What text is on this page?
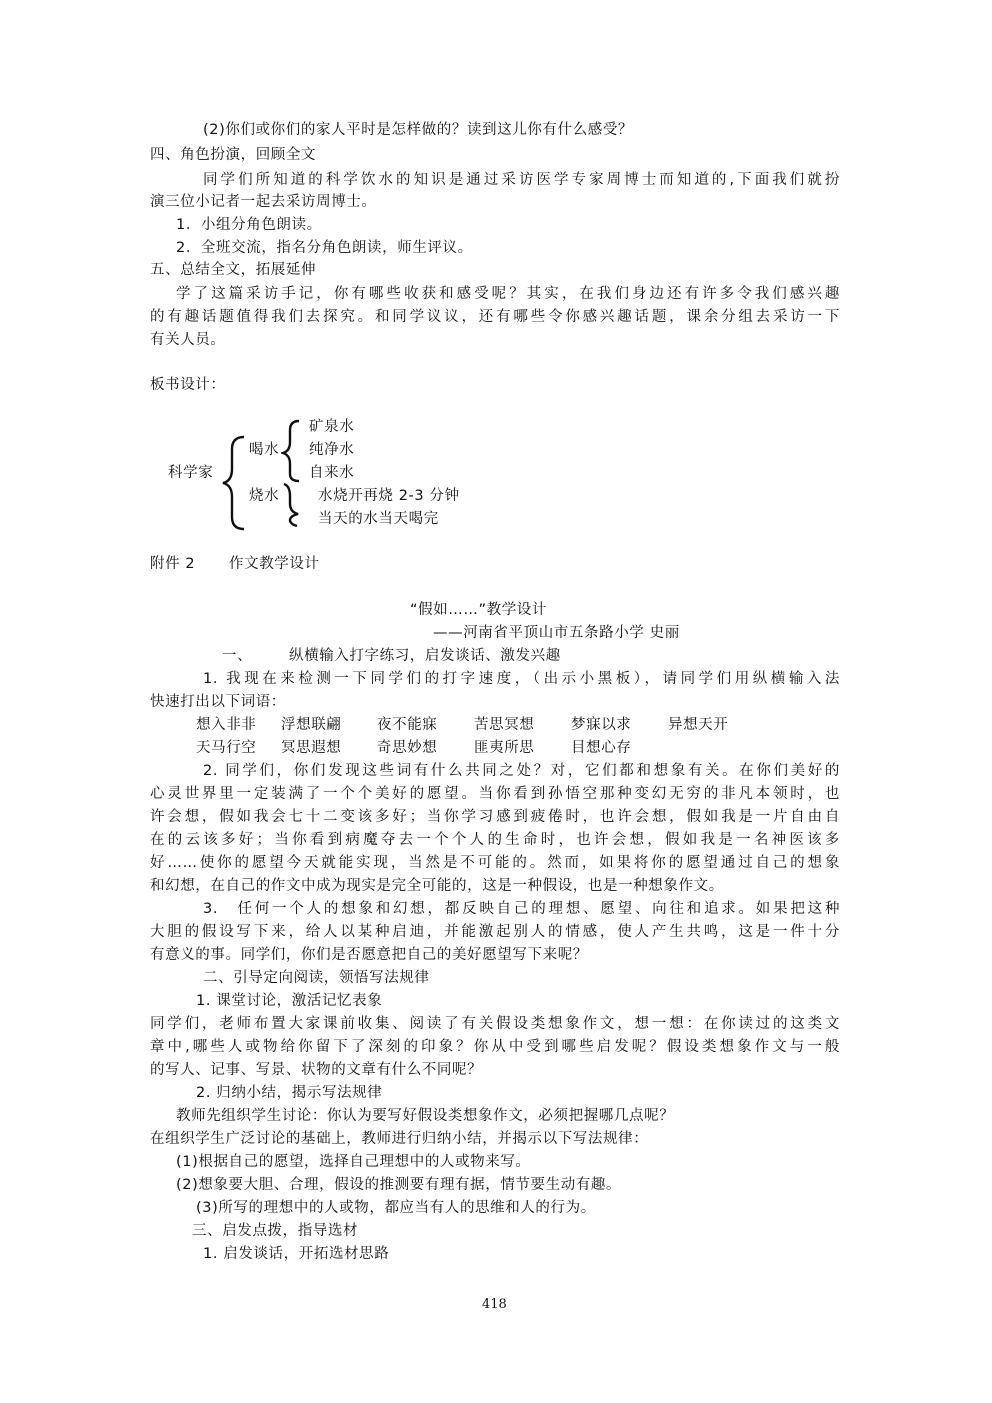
(2)你们或你们的家人平时是怎样做的？读到这儿你有什么感受？
四、角色扮演，回顾全文
同学们所知道的科学饮水的知识是通过采访医学专家周博士而知道的,下面我们就扮
演三位小记者一起去采访周博士。
1．小组分角色朗读。
2．全班交流，指名分角色朗读，师生评议。
五、总结全文，拓展延伸
学了这篇采访手记，你有哪些收获和感受呢？其实，在我们身边还有许多令我们感兴趣
的有趣话题值得我们去探究。和同学议议，还有哪些令你感兴趣话题，课余分组去采访一下
有关人员。
板书设计：
科学家
喝水
烧水
矿泉水
纯净水
自来水
水烧开再烧 2-3 分钟
当天的水当天喝完
附件 2 作文教学设计
“假如……”教学设计
——河南省平顶山市五条路小学 史丽
一、	纵横输入打字练习，启发谈话、激发兴趣
1. 我现在来检测一下同学们的打字速度，（出示小黑板），请同学们用纵横输入法
快速打出以下词语：
想入非非 浮想联翩 夜不能寐	苦思冥想	梦寐以求	异想天开
天马行空 冥思遐想 奇思妙想	匪夷所思	目想心存
2. 同学们，你们发现这些词有什么共同之处？对，它们都和想象有关。在你们美好的
心灵世界里一定装满了一个个美好的愿望。当你看到孙悟空那种变幻无穷的非凡本领时，也
许会想，假如我会七十二变该多好；当你学习感到疲倦时，也许会想，假如我是一片自由自
在的云该多好；当你看到病魔夺去一个个人的生命时，也许会想，假如我是一名神医该多
好……使你的愿望今天就能实现，当然是不可能的。然而，如果将你的愿望通过自己的想象
和幻想，在自己的作文中成为现实是完全可能的，这是一种假设，也是一种想象作文。
3.　任何一个人的想象和幻想，都反映自己的理想、愿望、向往和追求。如果把这种
大胆的假设写下来，给人以某种启迪，并能激起别人的情感，使人产生共鸣，这是一件十分
有意义的事。同学们，你们是否愿意把自己的美好愿望写下来呢？
二、引导定向阅读，领悟写法规律
1. 课堂讨论，激活记忆表象
同学们，老师布置大家课前收集、阅读了有关假设类想象作文，想一想：在你读过的这类文
章中,哪些人或物给你留下了深刻的印象？你从中受到哪些启发呢？假设类想象作文与一般
的写人、记事、写景、状物的文章有什么不同呢？
2. 归纳小结，揭示写法规律
教师先组织学生讨论：你认为要写好假设类想象作文，必须把握哪几点呢？
在组织学生广泛讨论的基础上，教师进行归纳小结，并揭示以下写法规律：
(1)根据自己的愿望，选择自己理想中的人或物来写。
(2)想象要大胆、合理，假设的推测要有理有据，情节要生动有趣。
(3)所写的理想中的人或物，都应当有人的思维和人的行为。
三、启发点拨，指导选材
1. 启发谈话，开拓选材思路
418
